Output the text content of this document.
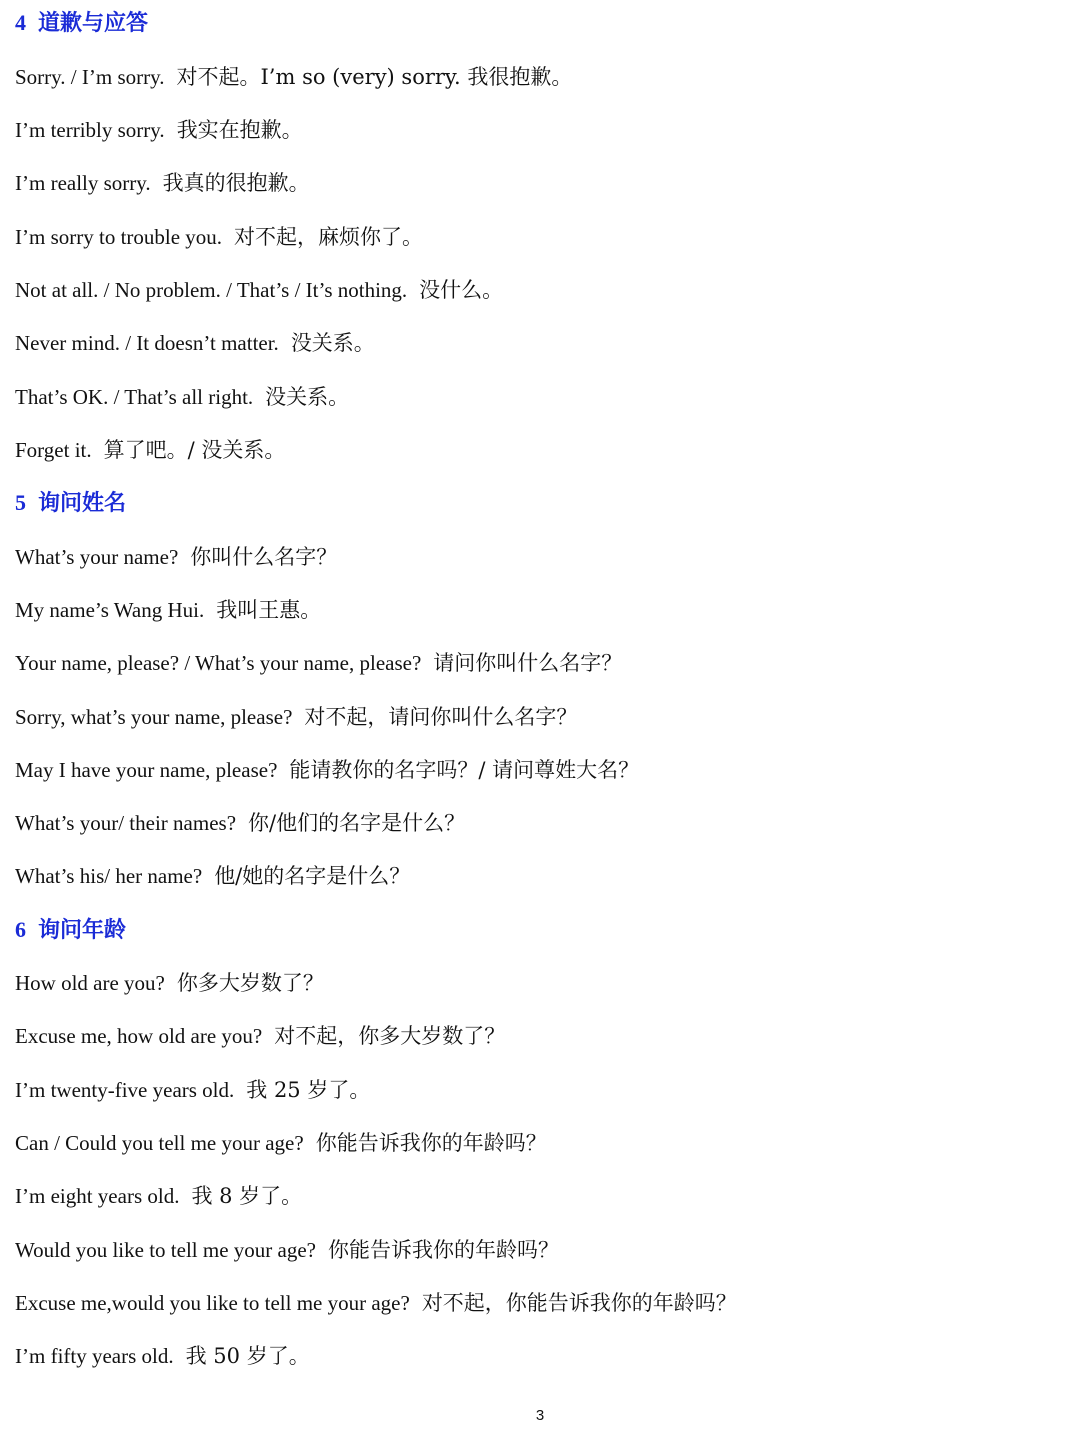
4 道歉与应答
Sorry. / I’m sorry. 对不起。I’m so (very) sorry. 我很抱歉。
I’m terribly sorry. 我实在抱歉。
I’m really sorry. 我真的很抱歉。
I’m sorry to trouble you. 对不起，麻烦你了。
Not at all. / No problem. / That’s / It’s nothing. 没什么。
Never mind. / It doesn’t matter. 没关系。
That’s OK. / That’s all right. 没关系。
Forget it. 算了吧。/ 没关系。
5 询问姓名
What’s your name? 你叫什么名字？
My name’s Wang Hui. 我叫王惠。
Your name, please? / What’s your name, please? 请问你叫什么名字？
Sorry, what’s your name, please? 对不起，请问你叫什么名字？
May I have your name, please? 能请教你的名字吗？/ 请问尊姓大名？
What’s your/ their names? 你/他们的名字是什么？
What’s his/ her name? 他/她的名字是什么？
6 询问年龄
How old are you? 你多大岁数了？
Excuse me, how old are you? 对不起，你多大岁数了？
I’m twenty-five years old. 我 25 岁了。
Can / Could you tell me your age? 你能告诉我你的年龄吗？
I’m eight years old. 我 8 岁了。
Would you like to tell me your age? 你能告诉我你的年龄吗？
Excuse me,would you like to tell me your age? 对不起，你能告诉我你的年龄吗？
I’m fifty years old. 我 50 岁了。
3
